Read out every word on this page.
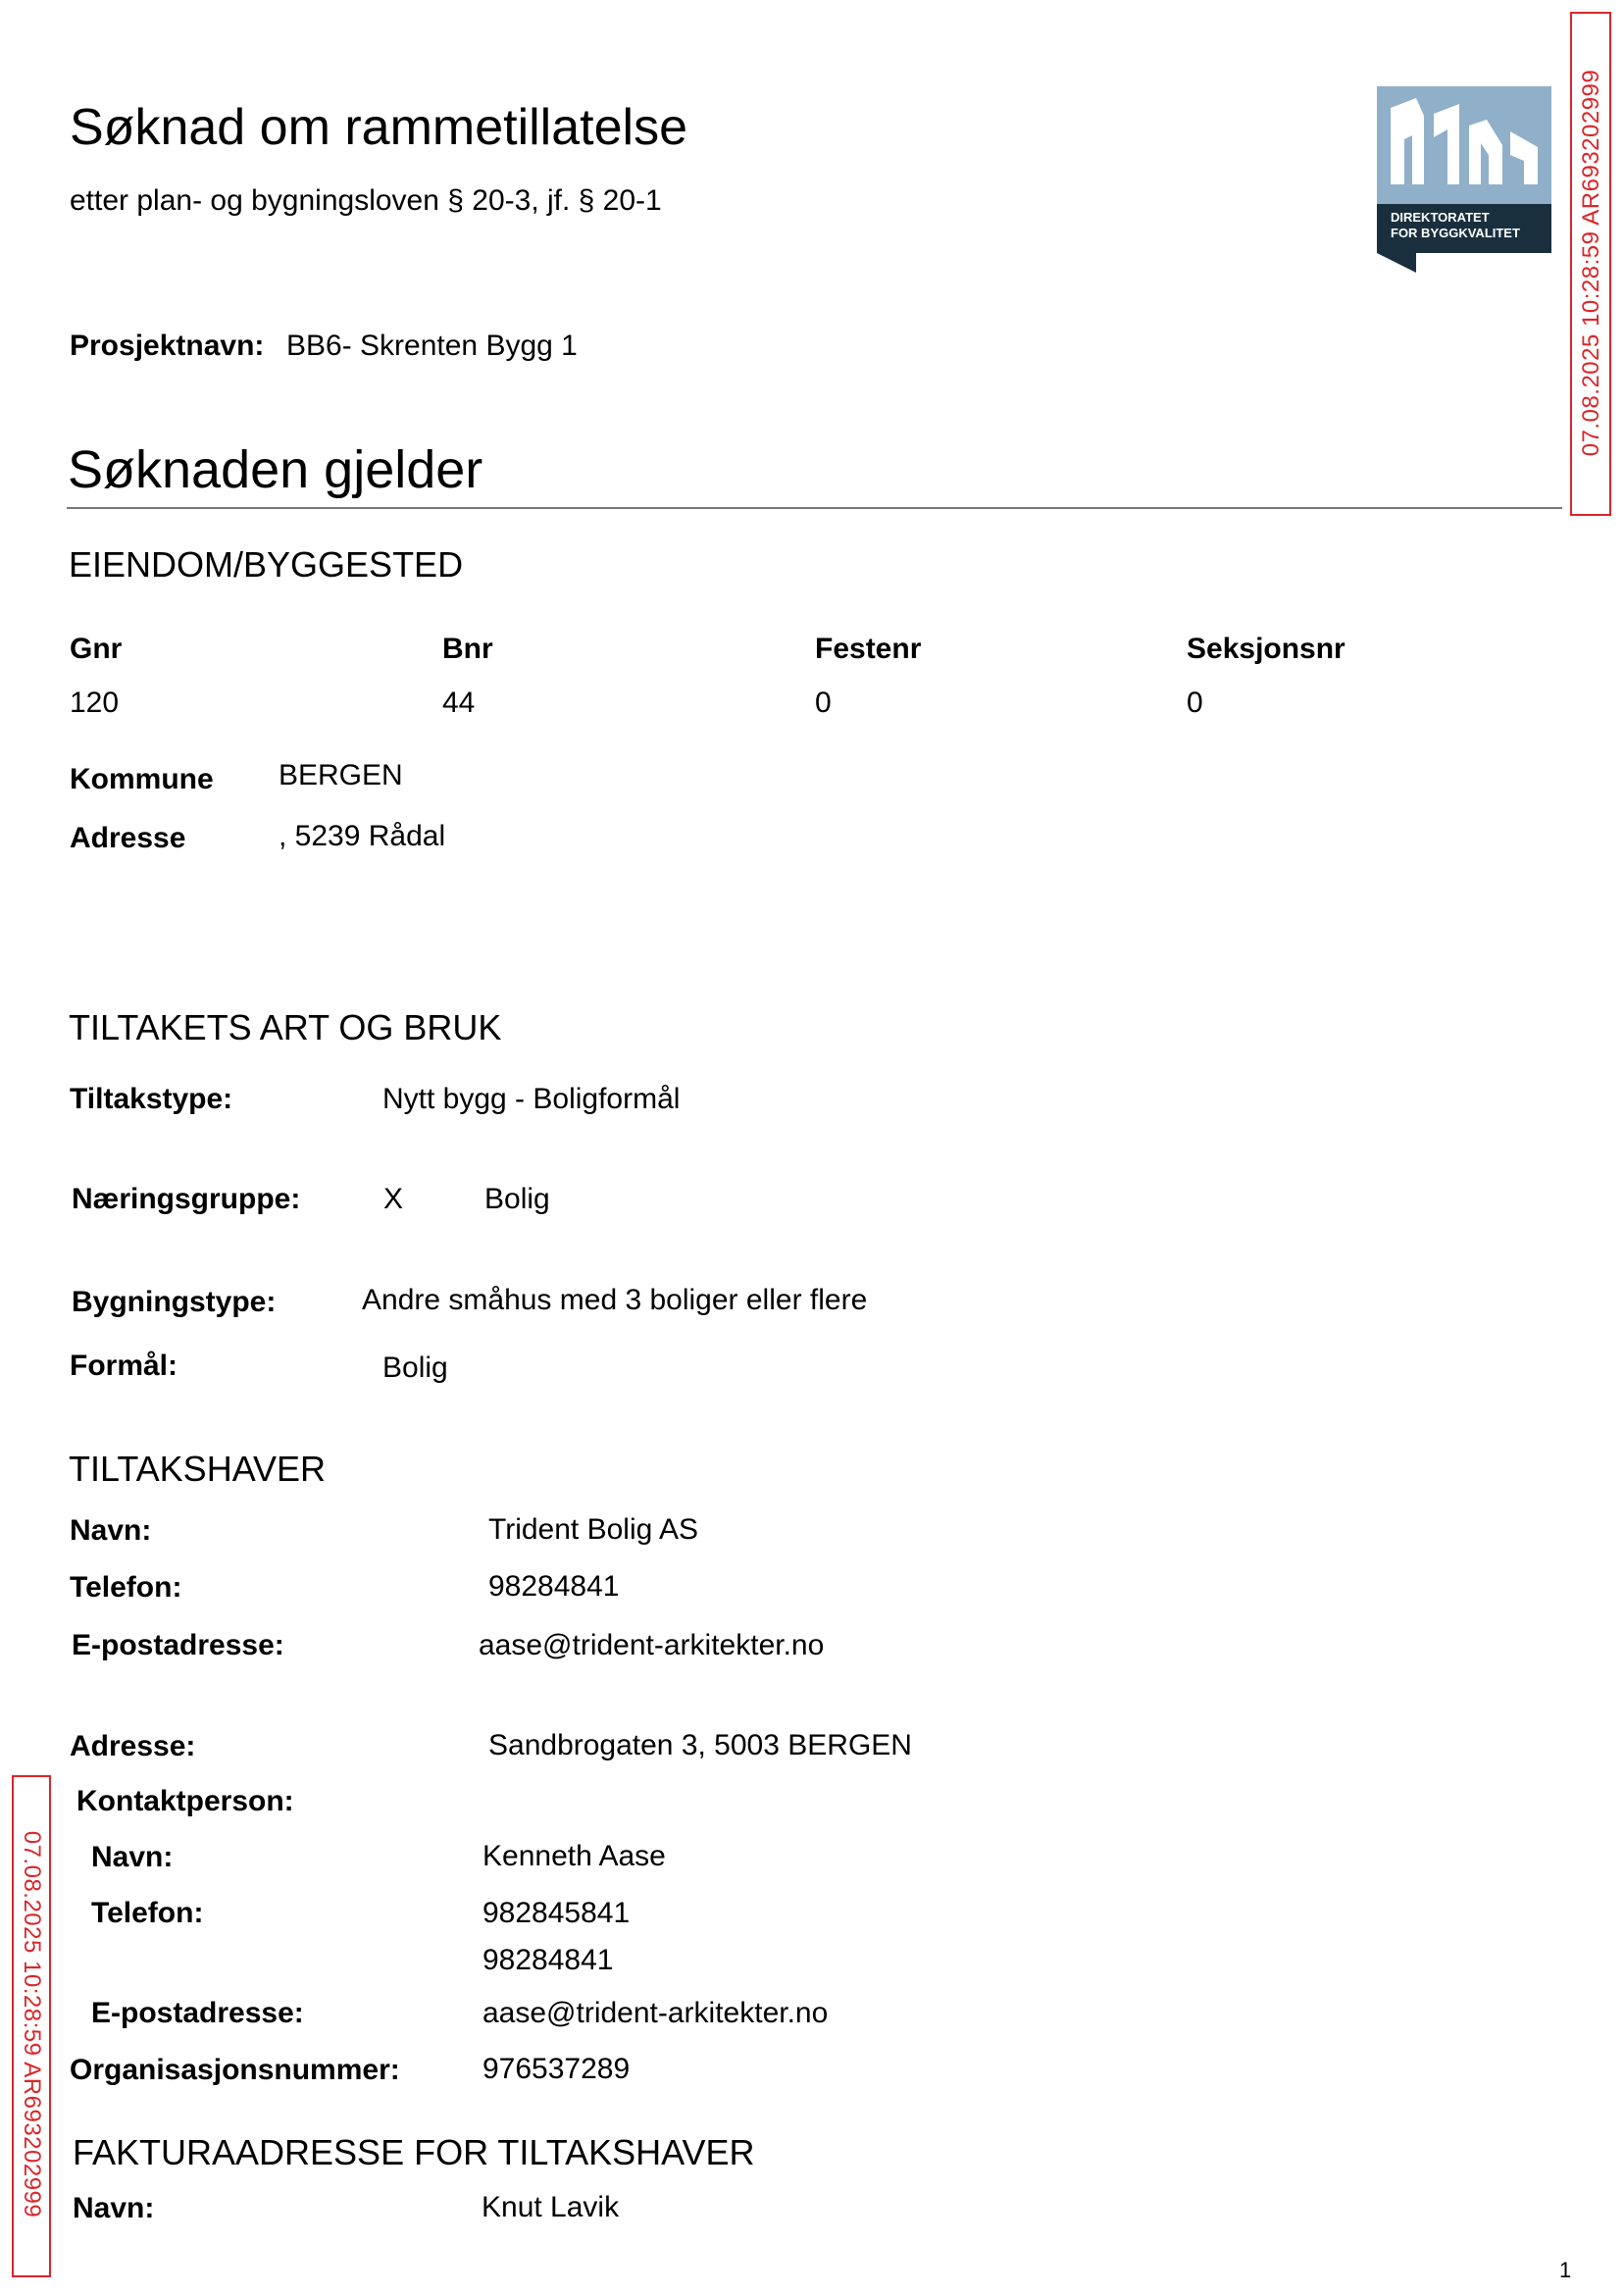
Søknad om rammetillatelse
etter plan- og bygningsloven § 20-3, jf. § 20-1
DIREKTORATET
FOR BYGGKVALITET 07.08.2025 10:28:59 AR693202999
07.08.2025 10:28:59 AR693202999
Prosjektnavn: BB6- Skrenten Bygg 1
Søknaden gjelder
EIENDOM/BYGGESTED
Gnr	Bnr	Festenr	Seksjonsnr
120	44	0	0
Kommune BERGEN
Adresse	, 5239 Rådal
TILTAKETS ART OG BRUK
Tiltakstype:	Nytt bygg - Boligformål
Næringsgruppe:	X	Bolig
Bygningstype:	Andre småhus med 3 boliger eller flere
Formål:	Bolig
TILTAKSHAVER
Navn:	Trident Bolig AS
Telefon:	98284841
E-postadresse:	aase@trident-arkitekter.no
Adresse:	Sandbrogaten 3, 5003 BERGEN
Kontaktperson:
Navn:	Kenneth Aase
Telefon:	982845841
98284841
E-postadresse:	aase@trident-arkitekter.no
Organisasjonsnummer:	976537289
FAKTURAADRESSE FOR TILTAKSHAVER
Navn:	Knut Lavik
1
